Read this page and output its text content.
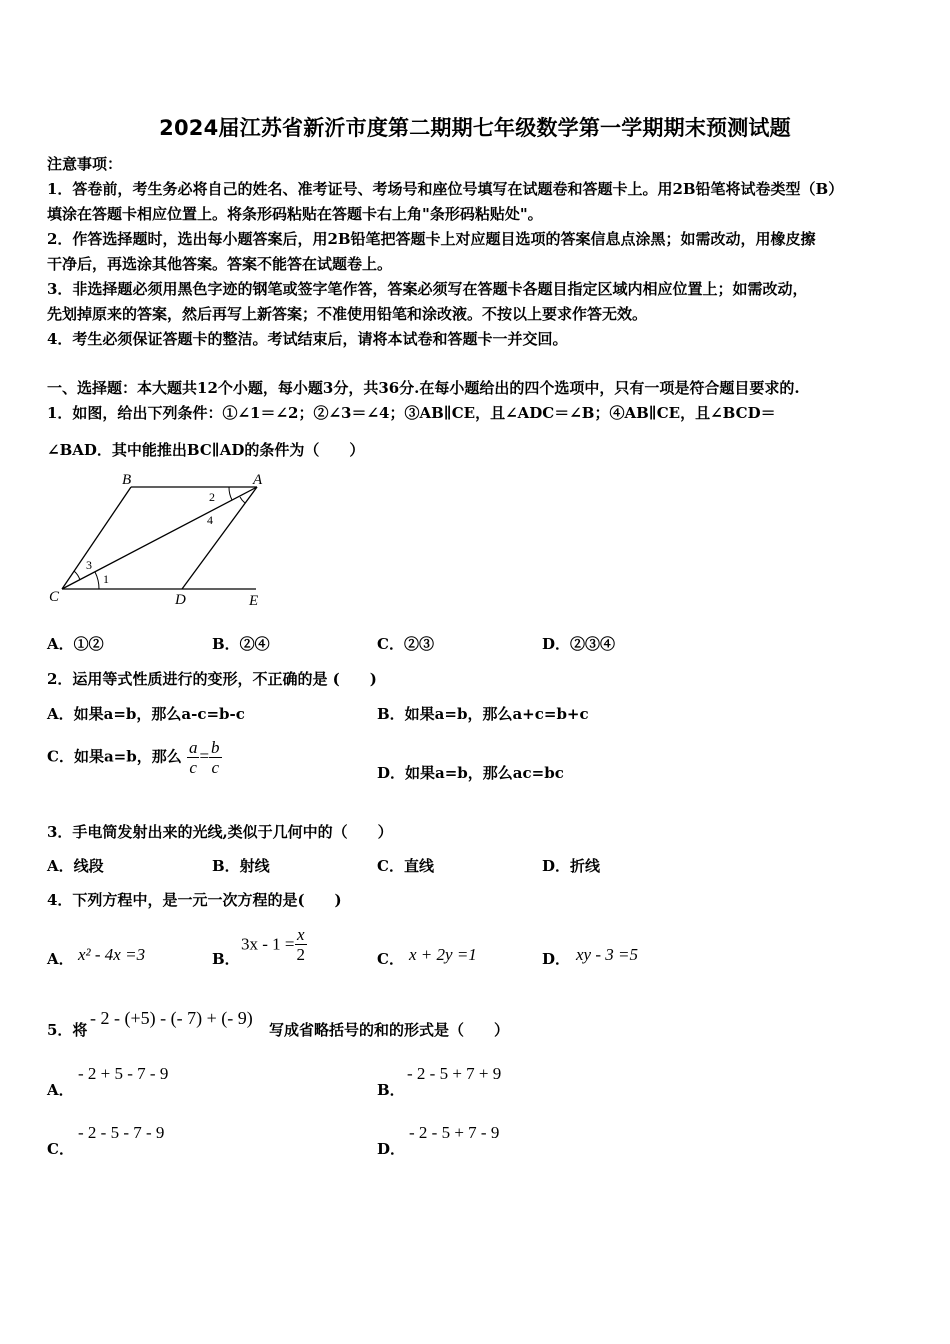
2024届江苏省新沂市度第二期期七年级数学第一学期期末预测试题
注意事项：
1．答卷前，考生务必将自己的姓名、准考证号、考场号和座位号填写在试题卷和答题卡上。用2B铅笔将试卷类型（B）
填涂在答题卡相应位置上。将条形码粘贴在答题卡右上角"条形码粘贴处"。
2．作答选择题时，选出每小题答案后，用2B铅笔把答题卡上对应题目选项的答案信息点涂黑；如需改动，用橡皮擦
干净后，再选涂其他答案。答案不能答在试题卷上。
3．非选择题必须用黑色字迹的钢笔或签字笔作答，答案必须写在答题卡各题目指定区域内相应位置上；如需改动，
先划掉原来的答案，然后再写上新答案；不准使用铅笔和涂改液。不按以上要求作答无效。
4．考生必须保证答题卡的整洁。考试结束后，请将本试卷和答题卡一并交回。
一、选择题：本大题共12个小题，每小题3分，共36分.在每小题给出的四个选项中，只有一项是符合题目要求的.
1．如图，给出下列条件：①∠1＝∠2；②∠3＝∠4；③AB∥CE，且∠ADC＝∠B；④AB∥CE，且∠BCD＝
∠BAD．其中能推出BC∥AD的条件为（　　）
B	A
C	D	E
1
2
3
4
A．①②	B．②④	C．②③	D．②③④
2．运用等式性质进行的变形，不正确的是 (　　)
A．如果a=b，那么a-c=b-c	B．如果a=b，那么a+c=b+c
C．如果a=b，那么 $\frac{a}{c} = \frac{b}{c}$	D．如果a=b，那么ac=bc
3．手电筒发射出来的光线,类似于几何中的（　　）
A．线段	B．射线	C．直线	D．折线
4．下列方程中，是一元一次方程的是(　　)
A． x² - 4x =3	B．
$3x - 1 = \frac{x}{2}$	C． x + 2y =1	D． xy - 3 =5
5．将
- 2 - (+5) - (- 7) + (- 9)
写成省略括号的和的形式是（　　）
A．
- 2 + 5 - 7 - 9
B．
- 2 - 5 + 7 + 9
C．
- 2 - 5 - 7 - 9
D．
- 2 - 5 + 7 - 9
